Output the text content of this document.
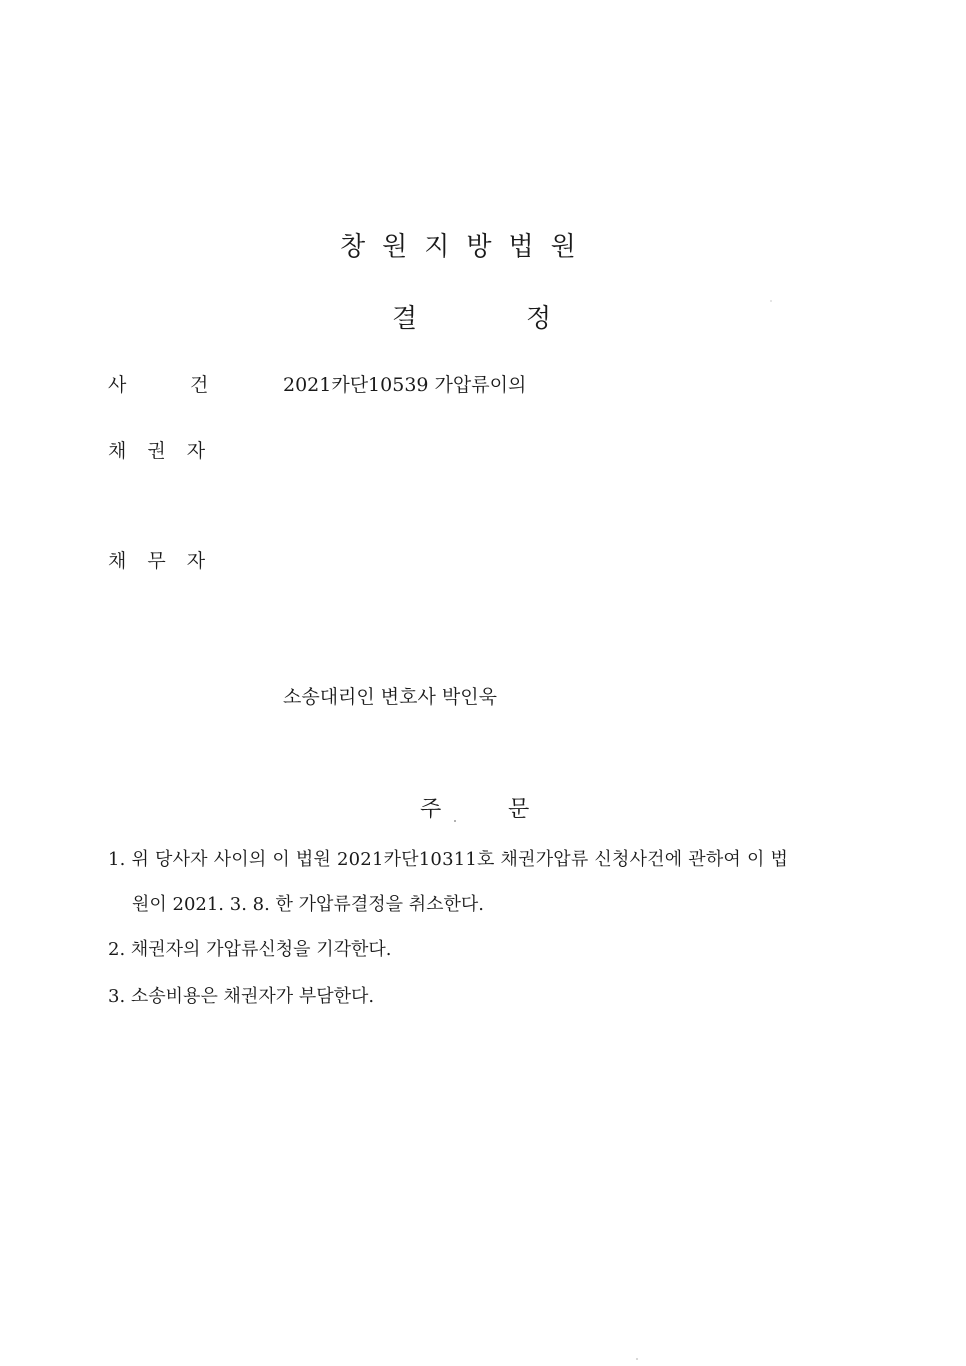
창원지방법원
결	정
사	건	2021카단10539 가압류이의
채권자
채무자
소송대리인 변호사 박인욱
주	문
1. 위 당사자 사이의 이 법원 2021카단10311호 채권가압류 신청사건에 관하여 이 법
원이 2021. 3. 8. 한 가압류결정을 취소한다.
2. 채권자의 가압류신청을 기각한다.
3. 소송비용은 채권자가 부담한다.
